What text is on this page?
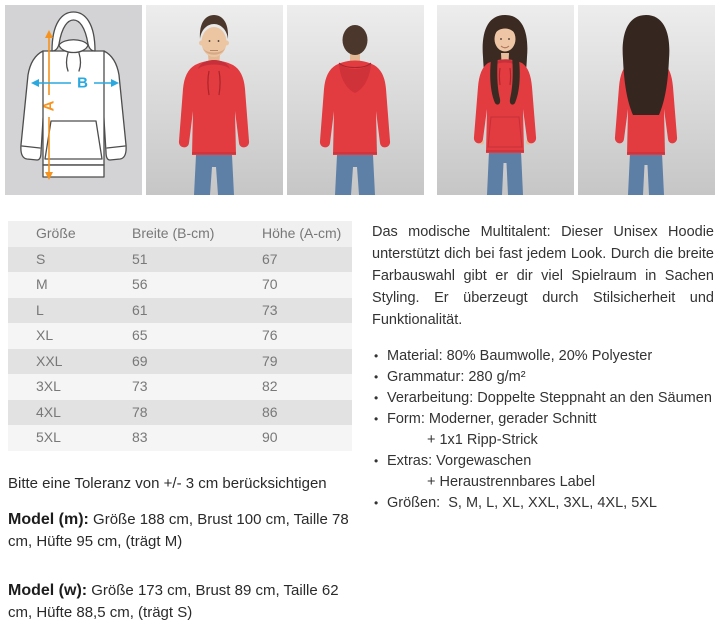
A
B
Größe	Breite (B-cm)	Höhe (A-cm)
S	51	67
M	56	70
L	61	73
XL	65	76
XXL	69	79
3XL	73	82
4XL	78	86
5XL	83	90
Bitte eine Toleranz von +/- 3 cm berücksichtigen
Model (m): Größe 188 cm, Brust 100 cm, Taille 78 cm, Hüfte 95 cm, (trägt M)
Model (w): Größe 173 cm, Brust 89 cm, Taille 62 cm, Hüfte 88,5 cm, (trägt S)

Das modische Multitalent: Dieser Unisex Hoodie unterstützt dich bei fast jedem Look. Durch die breite Farbauswahl gibt er dir viel Spielraum in Sachen Styling. Er überzeugt durch Stilsicherheit und Funktionalität.

• Material: 80% Baumwolle, 20% Polyester
• Grammatur: 280 g/m²
• Verarbeitung: Doppelte Steppnaht an den Säumen
• Form: Moderner, gerader Schnitt
+ 1x1 Ripp-Strick
• Extras: Vorgewaschen
+ Heraustrennbares Label
• Größen:  S, M, L, XL, XXL, 3XL, 4XL, 5XL
